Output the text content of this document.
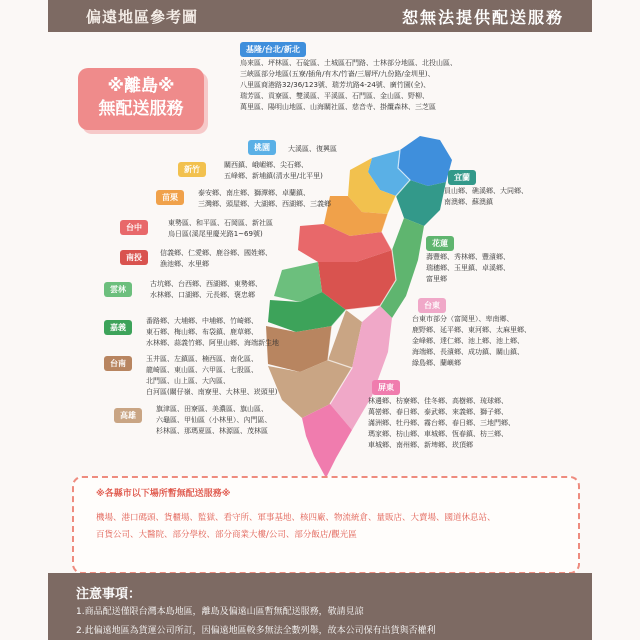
偏遠地區參考圖	恕無法提供配送服務
※離島※
無配送服務
基隆/台北/新北
烏來區、坪林區、石碇區、土城區石門路、士林部分地區、北投山區、
三峽區部分地區(五寮/插角/有木/竹崙/三層坪/九份路/金圳里)、
八里區商港路32/36/123號、瑞芳坑路4-24號、廣竹園(全)、
瑞芳區、貢寮區、雙溪區、平溪區、石門區、金山區、野柳、
萬里區、陽明山地區、山海關社區、慈音寺、掛纜森林、三芝區
桃園	大溪區、復興區
新竹	關西鎮、峨嵋鄉、尖石鄉、
五峰鄉、新埔鎮(清水里/北平里)
苗栗	泰安鄉、南庄鄉、獅潭鄉、卓蘭鎮、
三灣鄉、頭屋鄉、大湖鄉、西湖鄉、三義鄉
台中	東勢區、和平區、石岡區、新社區
烏日區(溪尾里慶光路1~69號)
南投	信義鄉、仁愛鄉、鹿谷鄉、國姓鄉、
漁池鄉、水里鄉
雲林
古坑鄉、台西鄉、西湖鄉、東勢鄉、
水林鄉、口湖鄉、元長鄉、褒忠鄉
嘉義
番路鄉、大埔鄉、中埔鄉、竹崎鄉、
東石鄉、梅山鄉、布袋鎮、鹿草鄉、
水林鄉、蒜義竹鄉、阿里山鄉、海端新生地
台南	玉井區、左鎮區、楠西區、南化區、
龍崎區、東山區、六甲區、七股區、
北門區、山上區、大內區、
白河區(關仔嶺、南寮里、大林里、崁頭里)
高雄
旗津區、田寮區、美濃區、旗山區、
六龜區、甲仙區（小林里）、內門區、
杉林區、那瑪夏區、林源區、茂林區
宜蘭
員山鄉、礁溪鄉、大同鄉、
南澳鄉、蘇澳鎮
花蓮
壽豐鄉、秀林鄉、豐濱鄉、
瑞穗鄉、玉里鎮、卓溪鄉、
富里鄉
台東
台東市部分（富岡里）、卑南鄉、
鹿野鄉、延平鄉、東河鄉、太麻里鄉、
金峰鄉、達仁鄉、池上鄉、池上鄉、
海端鄉、長濱鄉、成功鎮、關山鎮、
綠島鄉、蘭嶼鄉
屏東
林邊鄉、枋寮鄉、佳冬鄉、高樹鄉、琉球鄉、
萬巒鄉、春日鄉、泰武鄉、來義鄉、獅子鄉、
滿洲鄉、牡丹鄉、霧台鄉、春日鄉、三地門鄉、
瑪家鄉、枋山鄉、車城鄉、恆春鎮、枋三鄉、
車城鄉、南州鄉、新埤鄉、崁頂鄉
※各縣市以下場所暫無配送服務※
機場、港口碼頭、貨櫃場、監獄、看守所、軍事基地、核四廠、物流統倉、量販店、大賣場、國道休息站、
百貨公司、大醫院、部分學校、部分商業大樓/公司、部分飯店/觀光區
注意事項：
1.商品配送僅限台灣本島地區，離島及偏遠山區暫無配送服務，敬請見諒
2.此偏遠地區為貨運公司所訂，因偏遠地區較多無法全數列舉，故本公司保有出貨與否權利
